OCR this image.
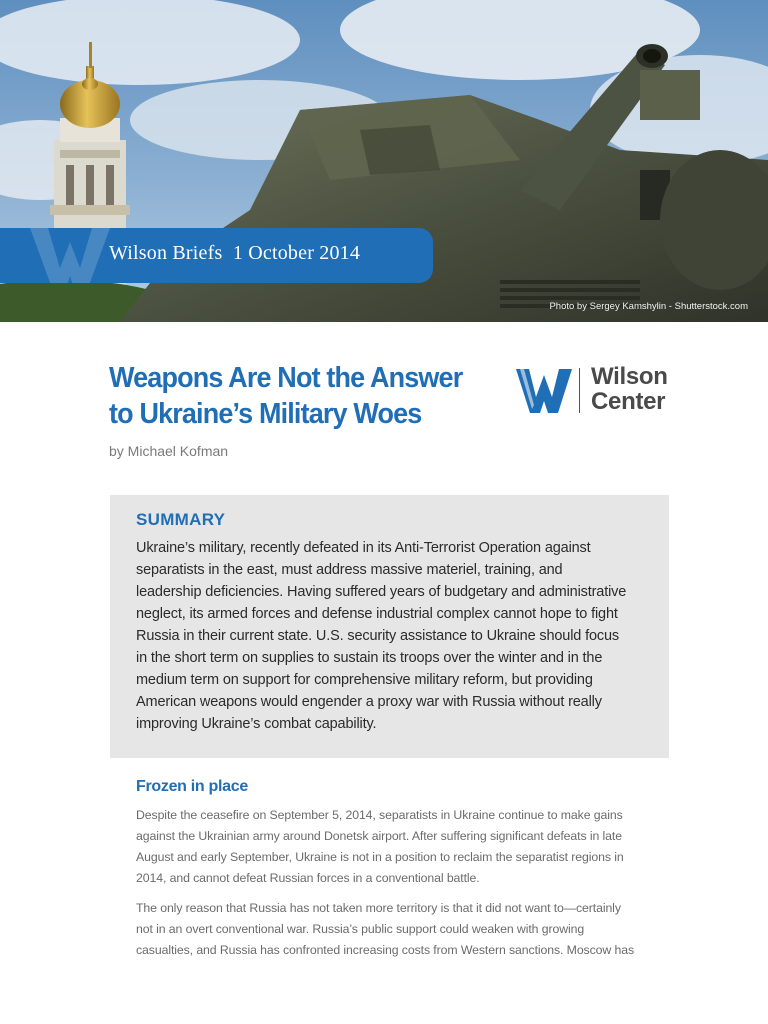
Wilson Briefs 1 October 2014
Photo by Sergey Kamshylin - Shutterstock.com
Weapons Are Not the Answer
to Ukraine’s Military Woes
by Michael Kofman
Wilson
Center
SUMMARY
Ukraine’s military, recently defeated in its Anti-Terrorist Operation against
separatists in the east, must address massive materiel, training, and
leadership deficiencies. Having suffered years of budgetary and administrative
neglect, its armed forces and defense industrial complex cannot hope to fight
Russia in their current state. U.S. security assistance to Ukraine should focus
in the short term on supplies to sustain its troops over the winter and in the
medium term on support for comprehensive military reform, but providing
American weapons would engender a proxy war with Russia without really
improving Ukraine’s combat capability.
Frozen in place
Despite the ceasefire on September 5, 2014, separatists in Ukraine continue to make gains
against the Ukrainian army around Donetsk airport. After suffering significant defeats in late
August and early September, Ukraine is not in a position to reclaim the separatist regions in
2014, and cannot defeat Russian forces in a conventional battle.
The only reason that Russia has not taken more territory is that it did not want to—certainly
not in an overt conventional war. Russia’s public support could weaken with growing
casualties, and Russia has confronted increasing costs from Western sanctions. Moscow has
